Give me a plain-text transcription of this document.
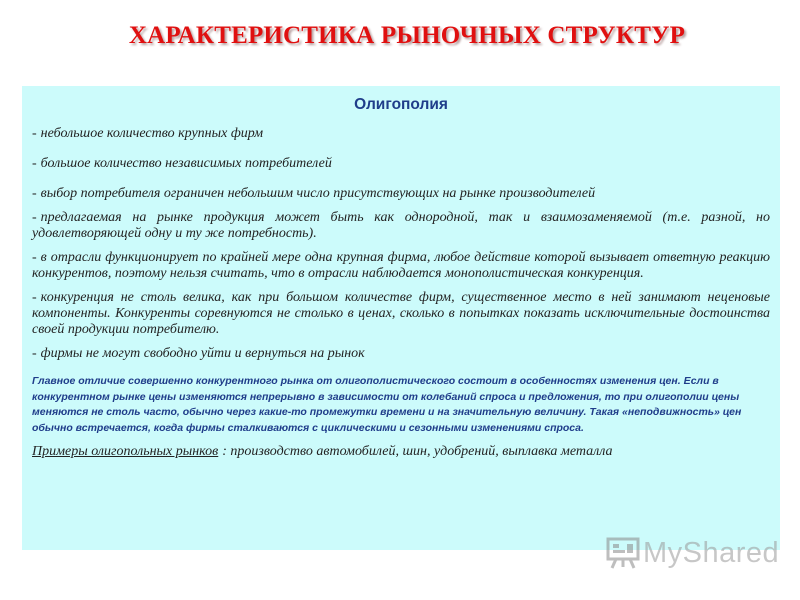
ХАРАКТЕРИСТИКА РЫНОЧНЫХ СТРУКТУР
Олигополия

- небольшое количество крупных фирм

- большое количество независимых потребителей

- выбор потребителя ограничен небольшим число присутствующих на рынке производителей

- предлагаемая на рынке продукция может быть как однородной, так и взаимозаменяемой (т.е. разной, но удовлетворяющей одну и ту же потребность).

- в отрасли функционирует по крайней мере одна крупная фирма, любое действие которой вызывает ответную реакцию конкурентов, поэтому нельзя считать, что в отрасли наблюдается монополистическая конкуренция.

- конкуренция не столь велика, как при большом количестве фирм, существенное место в ней занимают неценовые компоненты. Конкуренты соревнуются не столько в ценах, сколько в попытках показать исключительные достоинства своей продукции потребителю.

- фирмы не могут свободно уйти и вернуться на рынок

Главное отличие совершенно конкурентного рынка от олигополистического состоит в особенностях изменения цен. Если в конкурентном рынке цены изменяются непрерывно в зависимости от колебаний спроса и предложения, то при олигополии цены меняются не столь часто, обычно через какие-то промежутки времени и на значительную величину. Такая «неподвижность» цен обычно встречается, когда фирмы сталкиваются с циклическими и сезонными изменениями спроса.

Примеры олигопольных рынков : производство автомобилей, шин, удобрений, выплавка металла

MyShared
